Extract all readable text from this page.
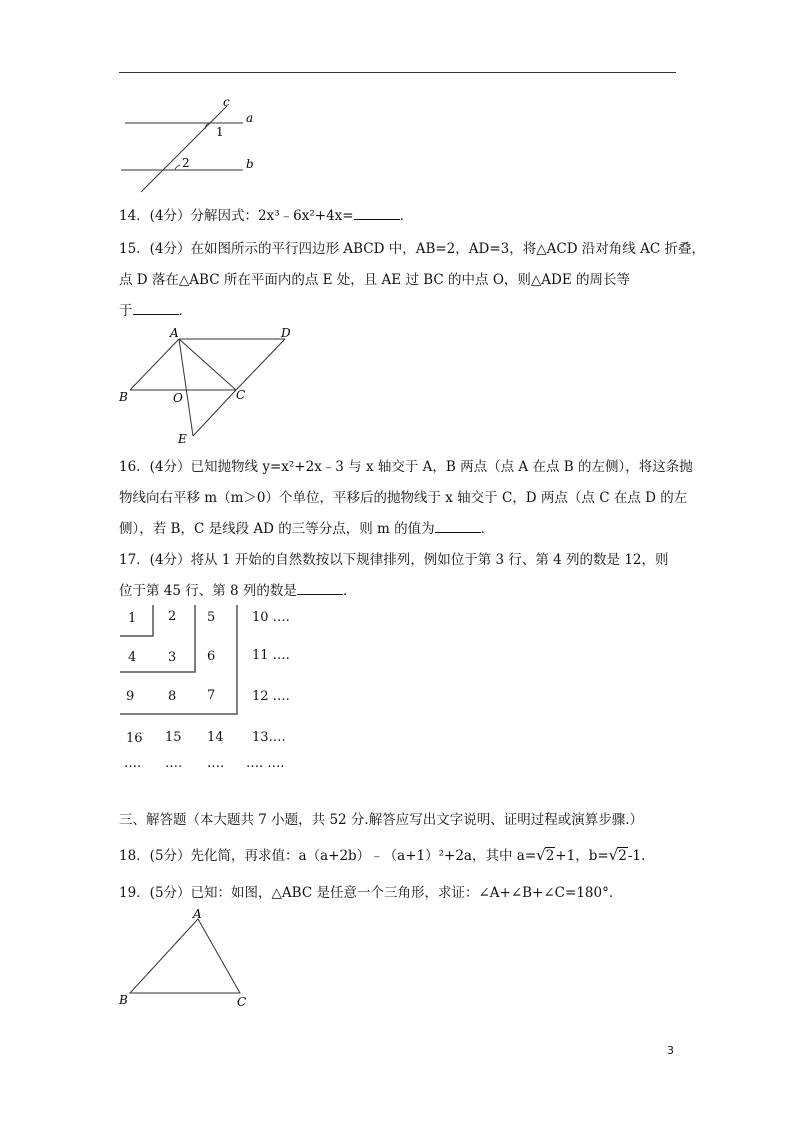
c
a
b
1
2
14．(4分）分解因式：2x³﹣6x²+4x=	．
15．(4分）在如图所示的平行四边形 ABCD 中，AB=2，AD=3，将△ACD 沿对角线 AC 折叠，
点 D 落在△ABC 所在平面内的点 E 处，且 AE 过 BC 的中点 O，则△ADE 的周长等
于	．
A	D
B	O	C
E
16．(4分）已知抛物线 y=x²+2x﹣3 与 x 轴交于 A，B 两点（点 A 在点 B 的左侧），将这条抛
物线向右平移 m（m＞0）个单位，平移后的抛物线于 x 轴交于 C，D 两点（点 C 在点 D 的左
侧），若 B，C 是线段 AD 的三等分点，则 m 的值为	．
17．(4分）将从 1 开始的自然数按以下规律排列，例如位于第 3 行、第 4 列的数是 12，则
位于第 45 行、第 8 列的数是	．
1 2 5	10 ….
4 3 6	11 ….
9	8 7	12 ….
16 15 14 13….
…. …. …. …. ….
三、解答题（本大题共 7 小题，共 52 分.解答应写出文字说明、证明过程或演算步骤.）
18．(5分）先化简，再求值：a（a+2b）﹣（a+1）²+2a，其中 a=√2+1，b=√2-1.
19．(5分）已知：如图，△ABC 是任意一个三角形，求证：∠A+∠B+∠C=180°．
A
B	C
3
